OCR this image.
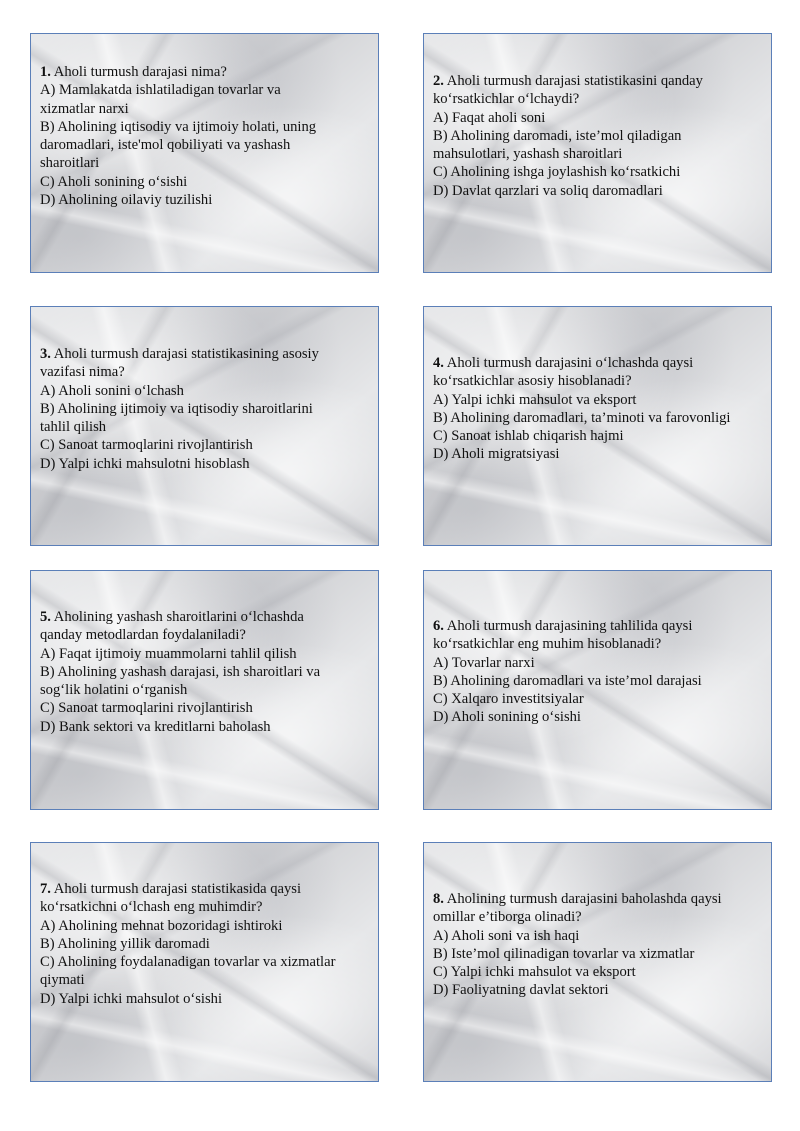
1. Aholi turmush darajasi nima?
A) Mamlakatda ishlatiladigan tovarlar va
xizmatlar narxi
B) Aholining iqtisodiy va ijtimoiy holati, uning
daromadlari, iste'mol qobiliyati va yashash
sharoitlari
C) Aholi sonining o‘sishi
D) Aholining oilaviy tuzilishi
2. Aholi turmush darajasi statistikasini qanday
ko‘rsatkichlar o‘lchaydi?
A) Faqat aholi soni
B) Aholining daromadi, iste’mol qiladigan
mahsulotlari, yashash sharoitlari
C) Aholining ishga joylashish ko‘rsatkichi
D) Davlat qarzlari va soliq daromadlari
3. Aholi turmush darajasi statistikasining asosiy
vazifasi nima?
A) Aholi sonini o‘lchash
B) Aholining ijtimoiy va iqtisodiy sharoitlarini
tahlil qilish
C) Sanoat tarmoqlarini rivojlantirish
D) Yalpi ichki mahsulotni hisoblash
4. Aholi turmush darajasini o‘lchashda qaysi
ko‘rsatkichlar asosiy hisoblanadi?
A) Yalpi ichki mahsulot va eksport
B) Aholining daromadlari, ta’minoti va farovonligi
C) Sanoat ishlab chiqarish hajmi
D) Aholi migratsiyasi
5. Aholining yashash sharoitlarini o‘lchashda
qanday metodlardan foydalaniladi?
A) Faqat ijtimoiy muammolarni tahlil qilish
B) Aholining yashash darajasi, ish sharoitlari va
sog‘lik holatini o‘rganish
C) Sanoat tarmoqlarini rivojlantirish
D) Bank sektori va kreditlarni baholash
6. Aholi turmush darajasining tahlilida qaysi
ko‘rsatkichlar eng muhim hisoblanadi?
A) Tovarlar narxi
B) Aholining daromadlari va iste’mol darajasi
C) Xalqaro investitsiyalar
D) Aholi sonining o‘sishi
7. Aholi turmush darajasi statistikasida qaysi
ko‘rsatkichni o‘lchash eng muhimdir?
A) Aholining mehnat bozoridagi ishtiroki
B) Aholining yillik daromadi
C) Aholining foydalanadigan tovarlar va xizmatlar
qiymati
D) Yalpi ichki mahsulot o‘sishi
8. Aholining turmush darajasini baholashda qaysi
omillar e’tiborga olinadi?
A) Aholi soni va ish haqi
B) Iste’mol qilinadigan tovarlar va xizmatlar
C) Yalpi ichki mahsulot va eksport
D) Faoliyatning davlat sektori
